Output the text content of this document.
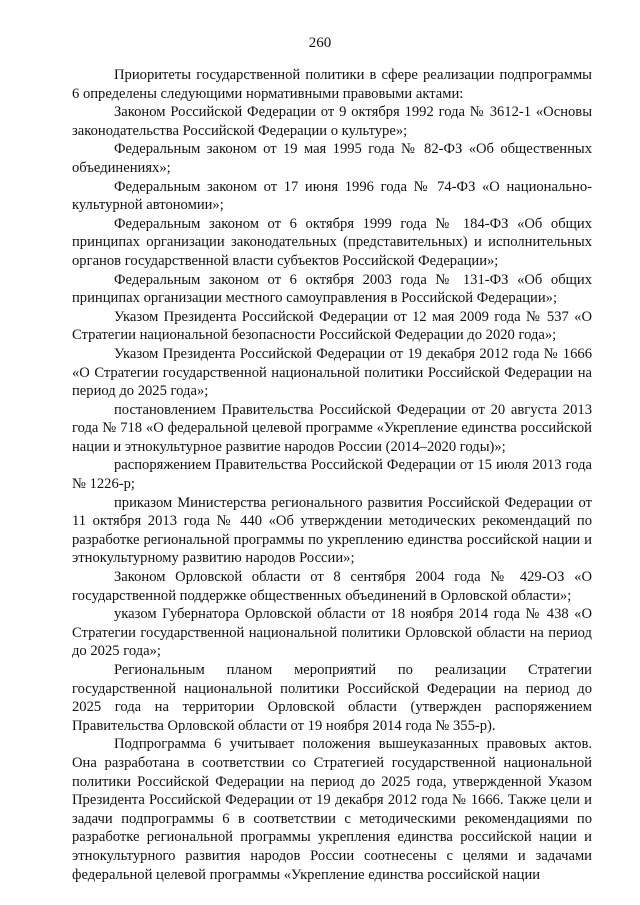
260

Приоритеты государственной политики в сфере реализации подпрограммы 6 определены следующими нормативными правовыми актами:

Законом Российской Федерации от 9 октября 1992 года № 3612-1 «Основы законодательства Российской Федерации о культуре»;

Федеральным законом от 19 мая 1995 года № 82-ФЗ «Об общественных объединениях»;

Федеральным законом от 17 июня 1996 года № 74-ФЗ «О национально-культурной автономии»;

Федеральным законом от 6 октября 1999 года № 184-ФЗ «Об общих принципах организации законодательных (представительных) и исполнительных органов государственной власти субъектов Российской Федерации»;

Федеральным законом от 6 октября 2003 года № 131-ФЗ «Об общих принципах организации местного самоуправления в Российской Федерации»;

Указом Президента Российской Федерации от 12 мая 2009 года № 537 «О Стратегии национальной безопасности Российской Федерации до 2020 года»;

Указом Президента Российской Федерации от 19 декабря 2012 года № 1666 «О Стратегии государственной национальной политики Российской Федерации на период до 2025 года»;

постановлением Правительства Российской Федерации от 20 августа 2013 года № 718 «О федеральной целевой программе «Укрепление единства российской нации и этнокультурное развитие народов России (2014–2020 годы)»;

распоряжением Правительства Российской Федерации от 15 июля 2013 года № 1226-р;

приказом Министерства регионального развития Российской Федерации от 11 октября 2013 года № 440 «Об утверждении методических рекомендаций по разработке региональной программы по укреплению единства российской нации и этнокультурному развитию народов России»;

Законом Орловской области от 8 сентября 2004 года № 429-ОЗ «О государственной поддержке общественных объединений в Орловской области»;

указом Губернатора Орловской области от 18 ноября 2014 года № 438 «О Стратегии государственной национальной политики Орловской области на период до 2025 года»;

Региональным планом мероприятий по реализации Стратегии государственной национальной политики Российской Федерации на период до 2025 года на территории Орловской области (утвержден распоряжением Правительства Орловской области от 19 ноября 2014 года № 355-р).

Подпрограмма 6 учитывает положения вышеуказанных правовых актов. Она разработана в соответствии со Стратегией государственной национальной политики Российской Федерации на период до 2025 года, утвержденной Указом Президента Российской Федерации от 19 декабря 2012 года № 1666. Также цели и задачи подпрограммы 6 в соответствии с методическими рекомендациями по разработке региональной программы укрепления единства российской нации и этнокультурного развития народов России соотнесены с целями и задачами федеральной целевой программы «Укрепление единства российской нации
